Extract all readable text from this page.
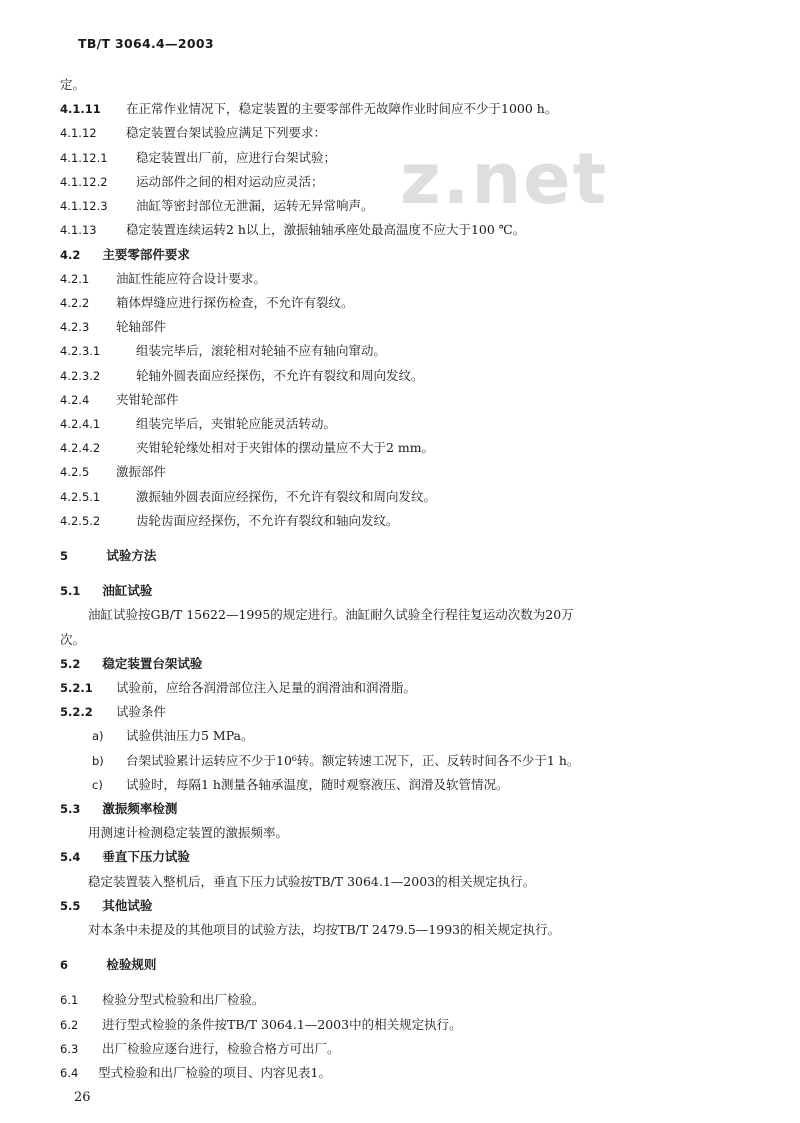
TB/T 3064.4—2003
z.net
定。
4.1.11 在正常作业情况下，稳定装置的主要零部件无故障作业时间应不少于1000 h。
4.1.12 稳定装置台架试验应满足下列要求：
4.1.12.1 稳定装置出厂前，应进行台架试验；
4.1.12.2 运动部件之间的相对运动应灵活；
4.1.12.3 油缸等密封部位无泄漏，运转无异常响声。
4.1.13 稳定装置连续运转2 h以上，激振轴轴承座处最高温度不应大于100 ℃。
4.2 主要零部件要求
4.2.1 油缸性能应符合设计要求。
4.2.2 箱体焊缝应进行探伤检查，不允许有裂纹。
4.2.3 轮轴部件
4.2.3.1	组装完毕后，滚轮相对轮轴不应有轴向窜动。
4.2.3.2	轮轴外圆表面应经探伤，不允许有裂纹和周向发纹。
4.2.4 夹钳轮部件
4.2.4.1	组装完毕后，夹钳轮应能灵活转动。
4.2.4.2	夹钳轮轮缘处相对于夹钳体的摆动量应不大于2 mm。
4.2.5 激振部件
4.2.5.1	激振轴外圆表面应经探伤，不允许有裂纹和周向发纹。
4.2.5.2	齿轮齿面应经探伤，不允许有裂纹和轴向发纹。
5	试验方法
5.1 油缸试验
油缸试验按GB/T 15622—1995的规定进行。油缸耐久试验全行程往复运动次数为20万
次。
5.2 稳定装置台架试验
5.2.1 试验前，应给各润滑部位注入足量的润滑油和润滑脂。
5.2.2 试验条件
a) 试验供油压力5 MPa。
b) 台架试验累计运转应不少于10⁶转。额定转速工况下，正、反转时间各不少于1 h。
c) 试验时，每隔1 h测量各轴承温度，随时观察液压、润滑及软管情况。
5.3 激振频率检测
用测速计检测稳定装置的激振频率。
5.4 垂直下压力试验
稳定装置装入整机后，垂直下压力试验按TB/T 3064.1—2003的相关规定执行。
5.5 其他试验
对本条中未提及的其他项目的试验方法，均按TB/T 2479.5—1993的相关规定执行。
6	检验规则
6.1 检验分型式检验和出厂检验。
6.2 进行型式检验的条件按TB/T 3064.1—2003中的相关规定执行。
6.3 出厂检验应逐台进行，检验合格方可出厂。
26
6.4 型式检验和出厂检验的项目、内容见表1。
